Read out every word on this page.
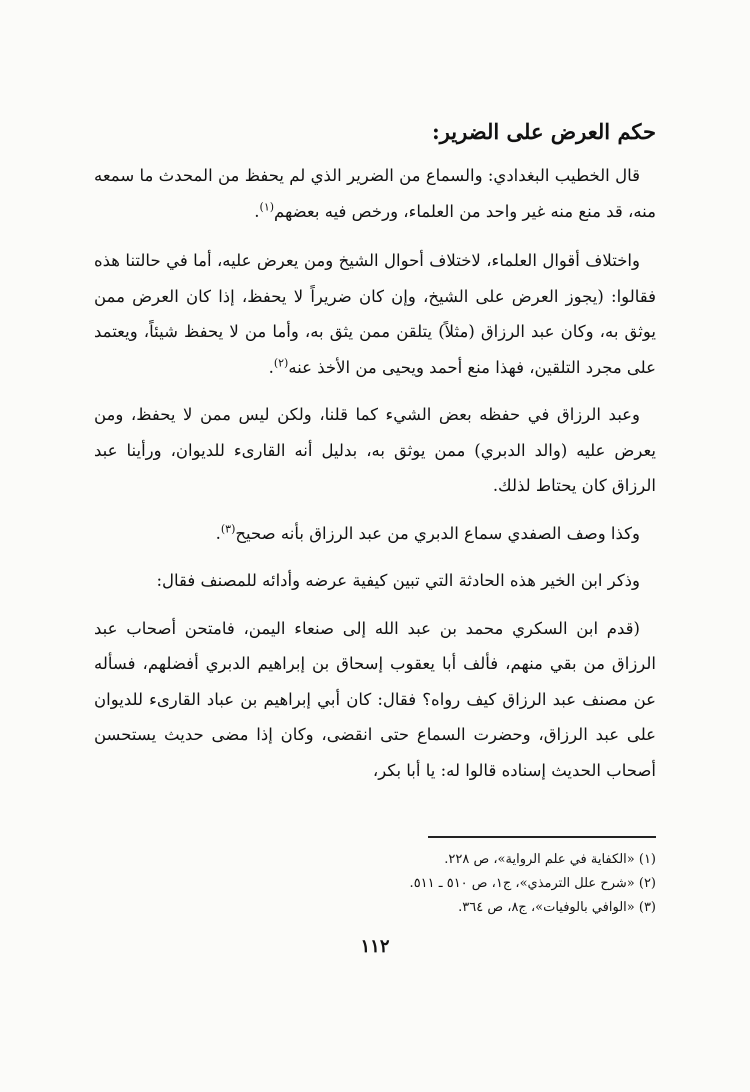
حكم العرض على الضرير:

قال الخطيب البغدادي: والسماع من الضرير الذي لم يحفظ من المحدث ما سمعه منه، قد منع منه غير واحد من العلماء، ورخص فيه بعضهم$^{(١)}$.

واختلاف أقوال العلماء، لاختلاف أحوال الشيخ ومن يعرض عليه، أما في حالتنا هذه فقالوا: (يجوز العرض على الشيخ، وإن كان ضريراً لا يحفظ، إذا كان العرض ممن يوثق به، وكان عبد الرزاق (مثلاً) يتلقن ممن يثق به، وأما من لا يحفظ شيئاً، ويعتمد على مجرد التلقين، فهذا منع أحمد ويحيى من الأخذ عنه$^{(٢)}$.

وعبد الرزاق في حفظه بعض الشيء كما قلنا، ولكن ليس ممن لا يحفظ، ومن يعرض عليه (والد الدبري) ممن يوثق به، بدليل أنه القارىء للديوان، ورأينا عبد الرزاق كان يحتاط لذلك.

وكذا وصف الصفدي سماع الدبري من عبد الرزاق بأنه صحيح$^{(٣)}$.

وذكر ابن الخير هذه الحادثة التي تبين كيفية عرضه وأدائه للمصنف فقال:

(قدم ابن السكري محمد بن عبد الله إلى صنعاء اليمن، فامتحن أصحاب عبد الرزاق من بقي منهم، فألف أبا يعقوب إسحاق بن إبراهيم الدبري أفضلهم، فسأله عن مصنف عبد الرزاق كيف رواه؟ فقال: كان أبي إبراهيم بن عباد القارىء للديوان على عبد الرزاق، وحضرت السماع حتى انقضى، وكان إذا مضى حديث يستحسن أصحاب الحديث إسناده قالوا له: يا أبا بكر،

(١) «الكفاية في علم الرواية»، ص ٢٢٨.

(٢) «شرح علل الترمذي»، ج١، ص ٥١٠ ـ ٥١١.

(٣) «الوافي بالوفيات»، ج٨، ص ٣٦٤.

١١٢
